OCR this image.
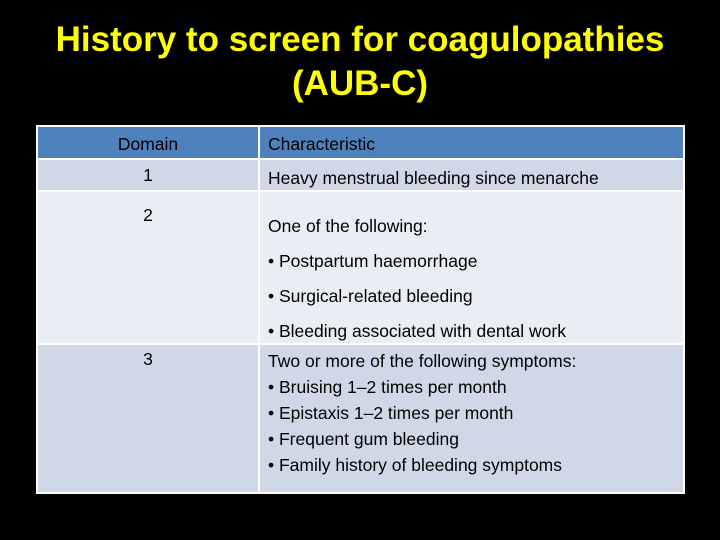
History to screen for coagulopathies
(AUB-C)
Domain	Characteristic

1	Heavy menstrual bleeding since menarche

2	One of the following:
• Postpartum haemorrhage
• Surgical-related bleeding
• Bleeding associated with dental work

3	Two or more of the following symptoms:
• Bruising 1–2 times per month
• Epistaxis 1–2 times per month
• Frequent gum bleeding
• Family history of bleeding symptoms
